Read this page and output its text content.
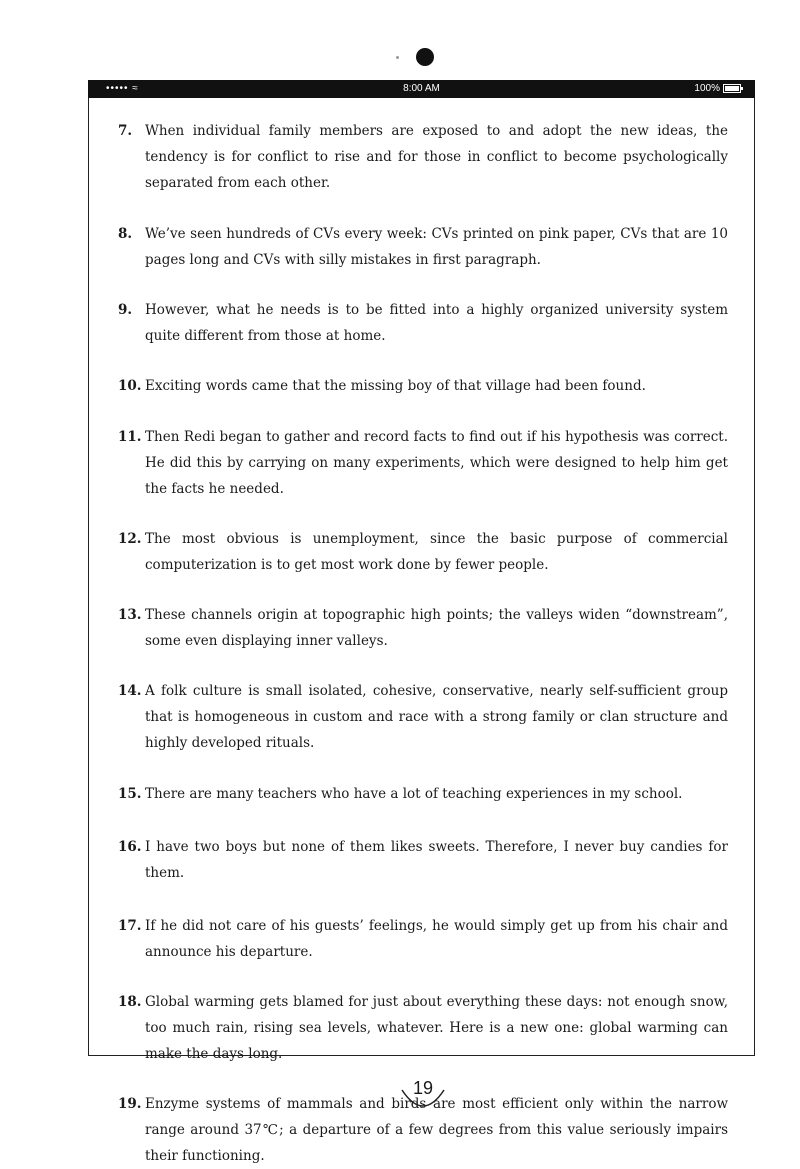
••••• ≈	8:00 AM	100%
7. When individual family members are exposed to and adopt the new ideas, the tendency is for conflict to rise and for those in conflict to become psychologically separated from each other.
8. We’ve seen hundreds of CVs every week: CVs printed on pink paper, CVs that are 10 pages long and CVs with silly mistakes in first paragraph.
9. However, what he needs is to be fitted into a highly organized university system quite different from those at home.
10. Exciting words came that the missing boy of that village had been found.
11. Then Redi began to gather and record facts to find out if his hypothesis was correct. He did this by carrying on many experiments, which were designed to help him get the facts he needed.
12. The most obvious is unemployment, since the basic purpose of commercial computerization is to get most work done by fewer people.
13. These channels origin at topographic high points; the valleys widen “downstream”, some even displaying inner valleys.
14. A folk culture is small isolated, cohesive, conservative, nearly self-sufficient group that is homogeneous in custom and race with a strong family or clan structure and highly developed rituals.
15. There are many teachers who have a lot of teaching experiences in my school.
16. I have two boys but none of them likes sweets. Therefore, I never buy candies for them.
17. If he did not care of his guests’ feelings, he would simply get up from his chair and announce his departure.
18. Global warming gets blamed for just about everything these days: not enough snow, too much rain, rising sea levels, whatever. Here is a new one: global warming can make the days long.
19. Enzyme systems of mammals and birds are most efficient only within the narrow range around 37℃; a departure of a few degrees from this value seriously impairs their functioning.
19
